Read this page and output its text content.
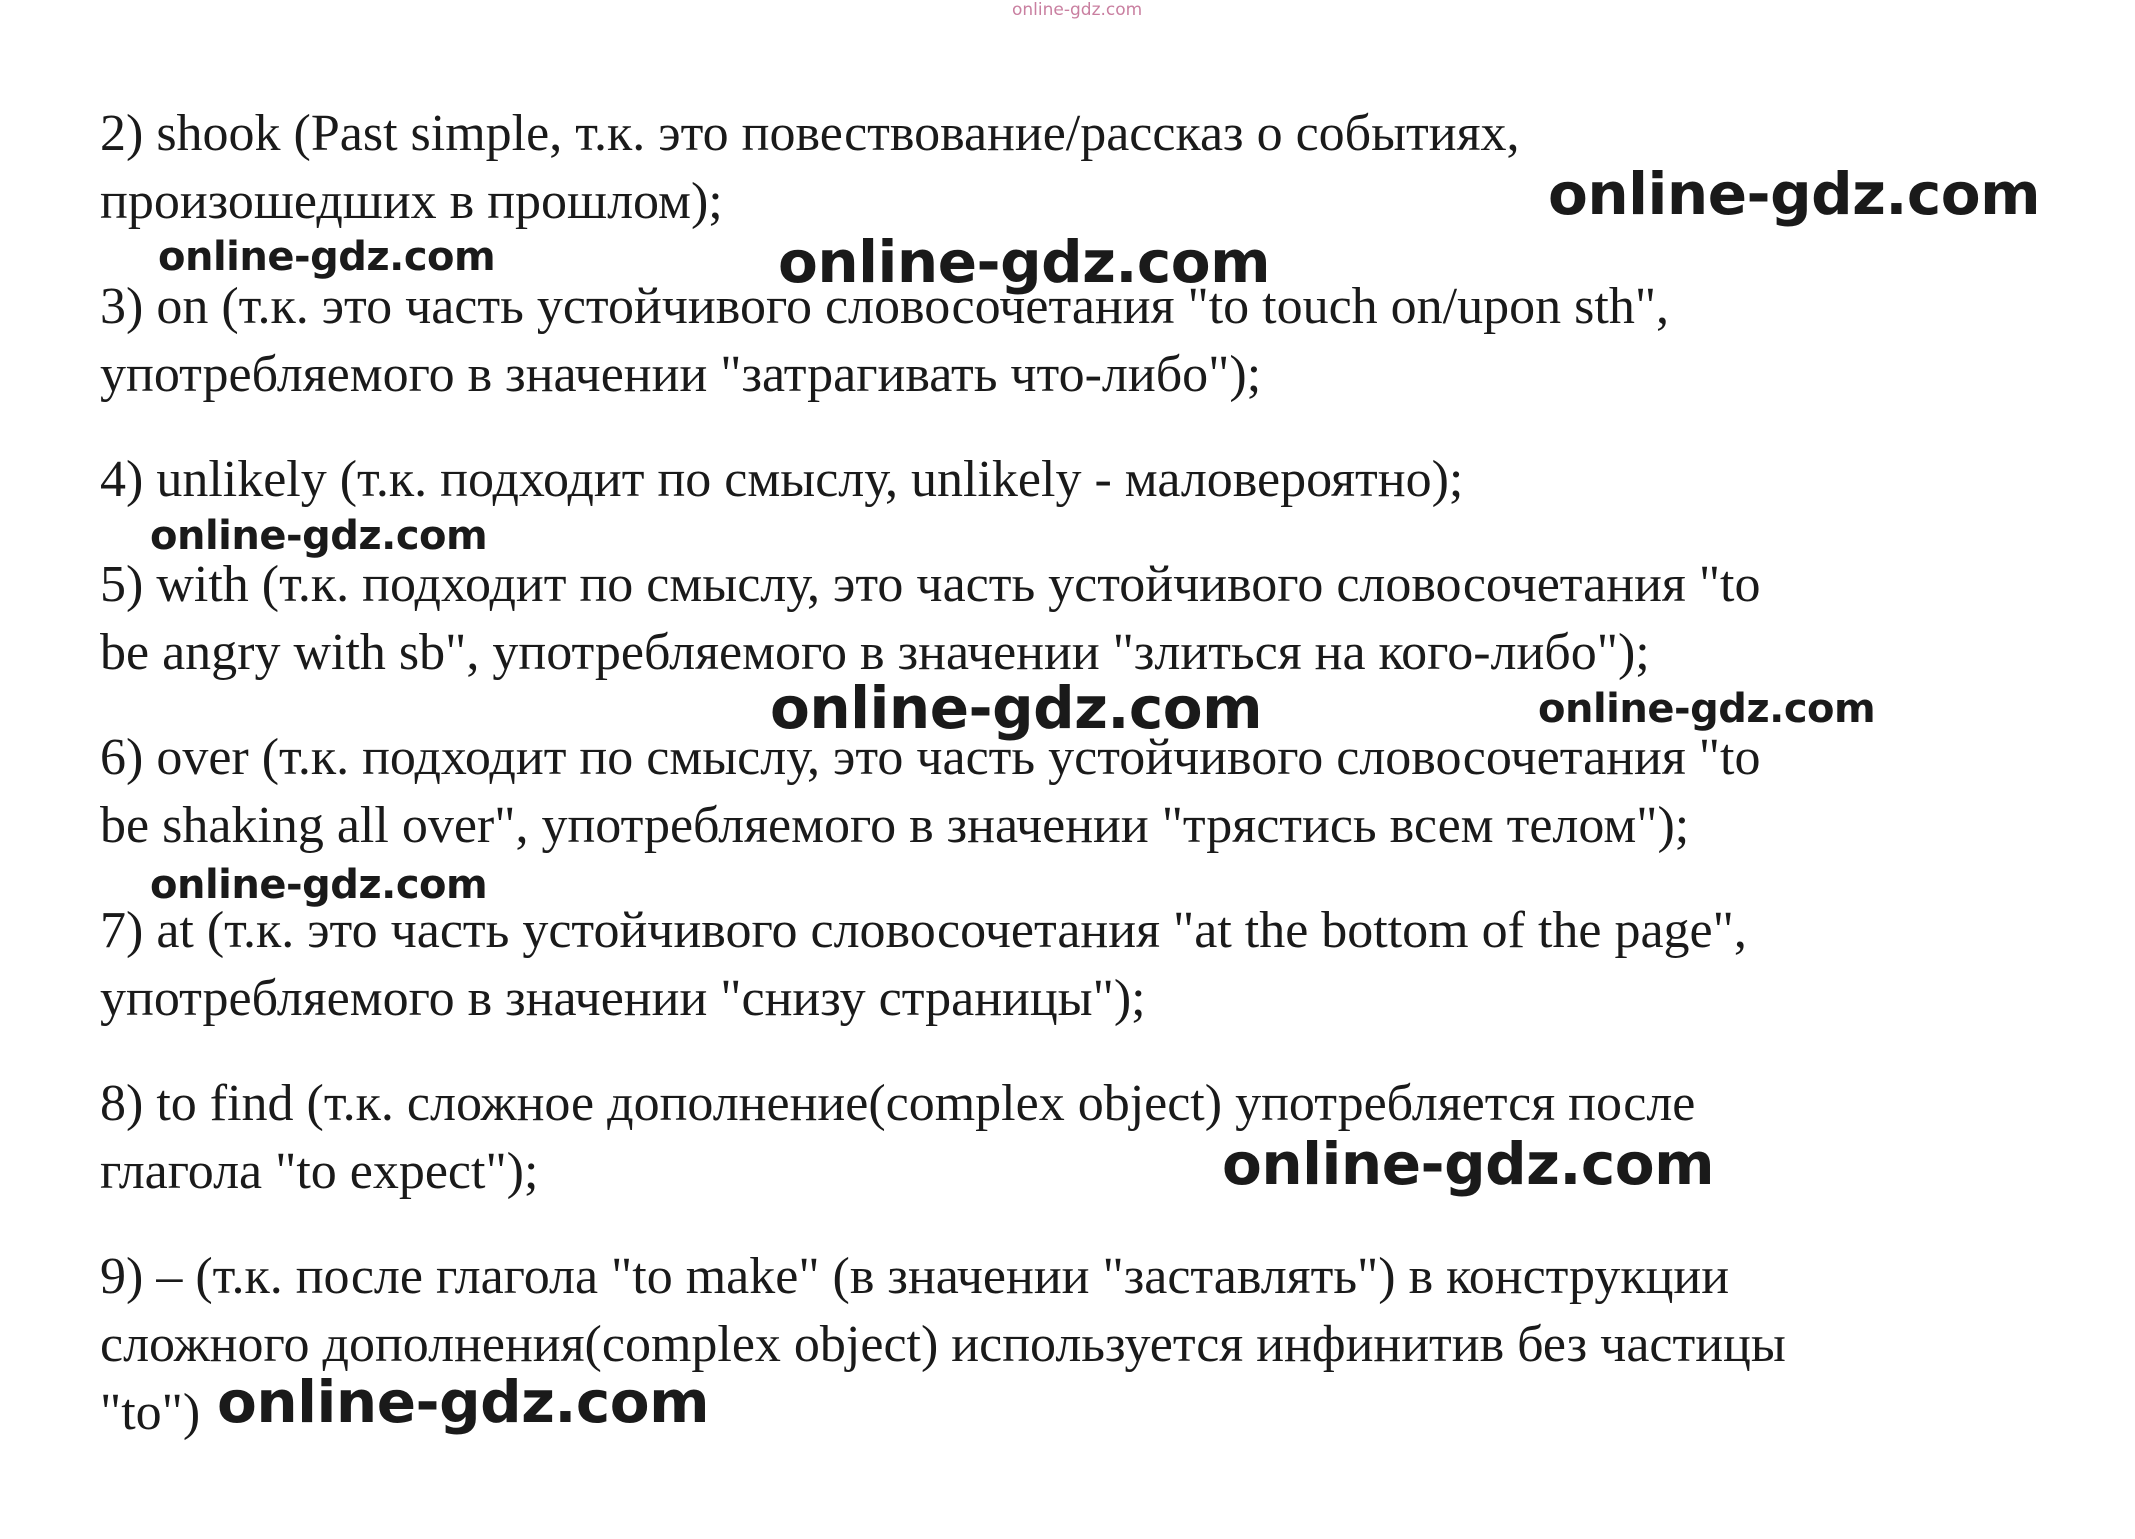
online-gdz.com
2) shook (Past simple, т.к. это повествование/рассказ о событиях,
произошедших в прошлом);
3) on (т.к. это часть устойчивого словосочетания "to touch on/upon sth",
употребляемого в значении "затрагивать что-либо");
4) unlikely (т.к. подходит по смыслу, unlikely - маловероятно);
5) with (т.к. подходит по смыслу, это часть устойчивого словосочетания "to
be angry with sb", употребляемого в значении "злиться на кого-либо");
6) over (т.к. подходит по смыслу, это часть устойчивого словосочетания "to
be shaking all over", употребляемого в значении "трястись всем телом");
7) at (т.к. это часть устойчивого словосочетания "at the bottom of the page",
употребляемого в значении "снизу страницы");
8) to find (т.к. сложное дополнение(complex object) употребляется после
глагола "to expect");
9) – (т.к. после глагола "to make" (в значении "заставлять") в конструкции
сложного дополнения(complex object) используется инфинитив без частицы
"to")
online-gdz.com
online-gdz.com	online-gdz.com
online-gdz.com
online-gdz.com	online-gdz.com
online-gdz.com
online-gdz.com
online-gdz.com
